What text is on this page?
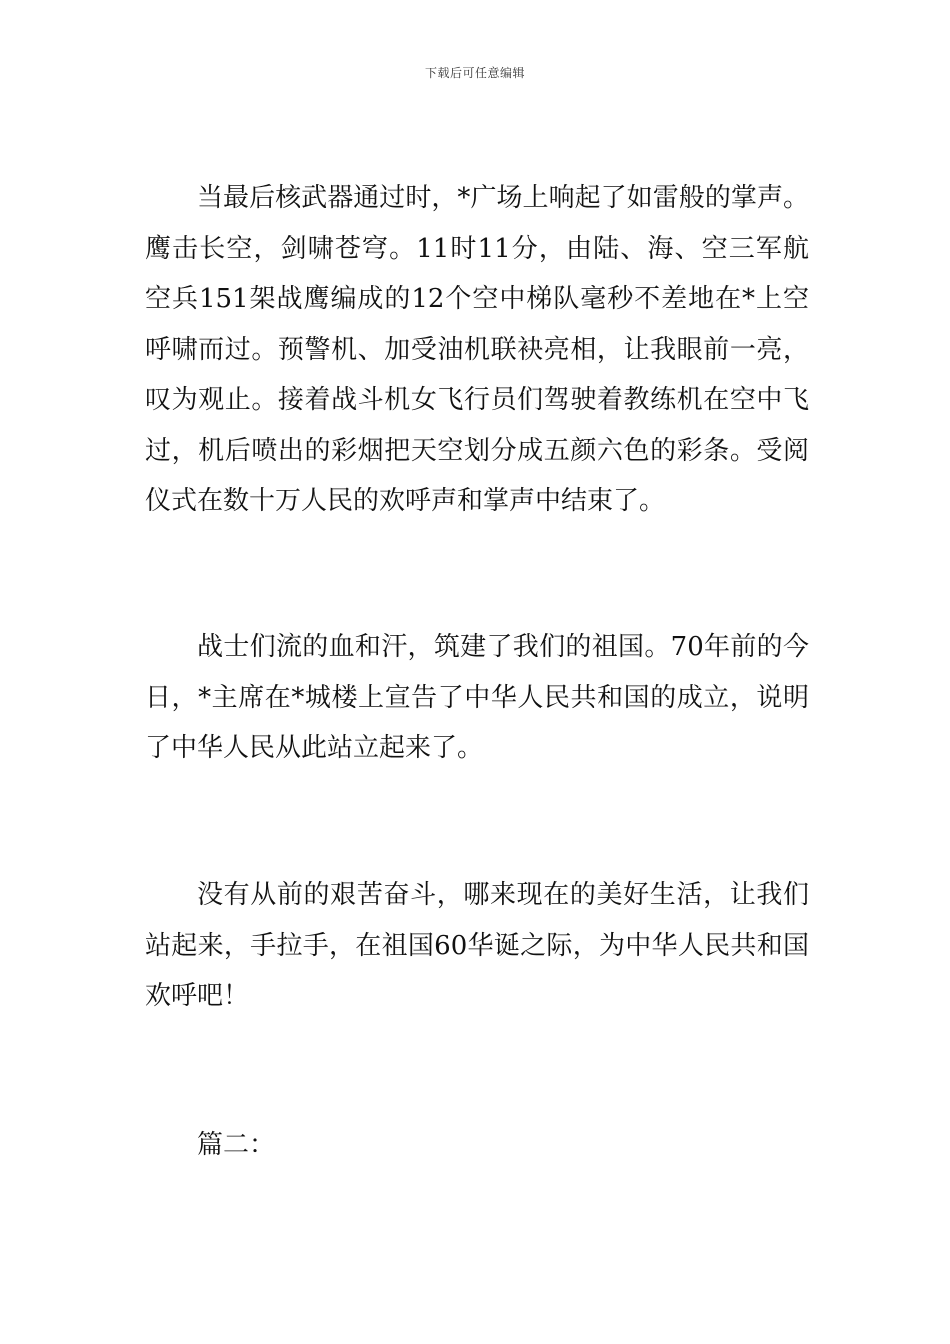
下载后可任意编辑

当最后核武器通过时，*广场上响起了如雷般的掌声。鹰击长空，剑啸苍穹。11时11分，由陆、海、空三军航空兵151架战鹰编成的12个空中梯队毫秒不差地在*上空呼啸而过。预警机、加受油机联袂亮相，让我眼前一亮，叹为观止。接着战斗机女飞行员们驾驶着教练机在空中飞过，机后喷出的彩烟把天空划分成五颜六色的彩条。受阅仪式在数十万人民的欢呼声和掌声中结束了。

战士们流的血和汗，筑建了我们的祖国。70年前的今日，*主席在*城楼上宣告了中华人民共和国的成立，说明了中华人民从此站立起来了。

没有从前的艰苦奋斗，哪来现在的美好生活，让我们站起来，手拉手，在祖国60华诞之际，为中华人民共和国欢呼吧！

篇二：
